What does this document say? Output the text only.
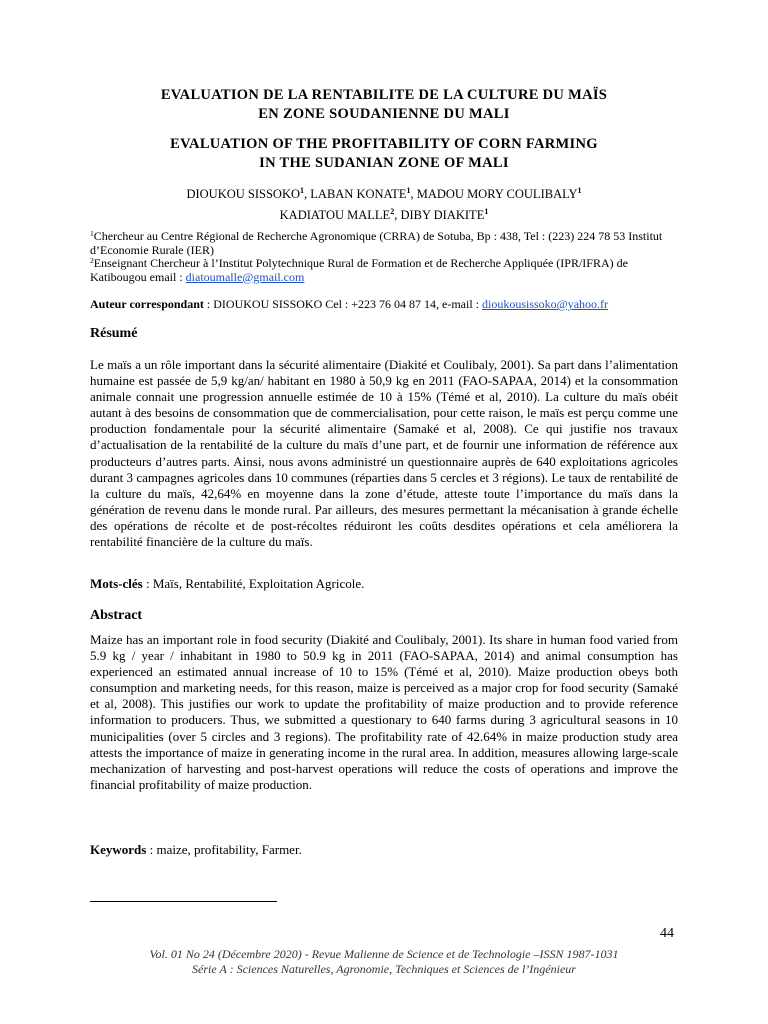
EVALUATION DE LA RENTABILITE DE LA CULTURE DU MAÏS
EN ZONE SOUDANIENNE DU MALI
EVALUATION OF THE PROFITABILITY OF CORN FARMING
IN THE SUDANIAN ZONE OF MALI
DIOUKOU SISSOKO$^1$, LABAN KONATE$^1$, MADOU MORY COULIBALY$^1$
KADIATOU MALLE$^2$, DIBY DIAKITE$^1$
$^1$Chercheur au Centre Régional de Recherche Agronomique (CRRA) de Sotuba, Bp : 438, Tel : (223) 224 78 53 Institut d’Economie Rurale (IER)
$^2$Enseignant Chercheur à l’Institut Polytechnique Rural de Formation et de Recherche Appliquée (IPR/IFRA) de Katibougou email : diatoumalle@gmail.com
Auteur correspondant : DIOUKOU SISSOKO Cel : +223 76 04 87 14, e-mail : dioukousissoko@yahoo.fr
Résumé
Le maïs a un rôle important dans la sécurité alimentaire (Diakité et Coulibaly, 2001). Sa part dans l’alimentation humaine est passée de 5,9 kg/an/ habitant en 1980 à 50,9 kg en 2011 (FAO-SAPAA, 2014) et la consommation animale connait une progression annuelle estimée de 10 à 15% (Témé et al, 2010). La culture du maïs obéit autant à des besoins de consommation que de commercialisation, pour cette raison, le maïs est perçu comme une production fondamentale pour la sécurité alimentaire (Samaké et al, 2008). Ce qui justifie nos travaux d’actualisation de la rentabilité de la culture du maïs d’une part, et de fournir une information de référence aux producteurs d’autres parts. Ainsi, nous avons administré un questionnaire auprès de 640 exploitations agricoles durant 3 campagnes agricoles dans 10 communes (réparties dans 5 cercles et 3 régions). Le taux de rentabilité de la culture du maïs, 42,64% en moyenne dans la zone d’étude, atteste toute l’importance du maïs dans la génération de revenu dans le monde rural. Par ailleurs, des mesures permettant la mécanisation à grande échelle des opérations de récolte et de post-récoltes réduiront les coûts desdites opérations et cela améliorera la rentabilité financière de la culture du maïs.
Mots-clés : Maïs, Rentabilité, Exploitation Agricole.
Abstract
Maize has an important role in food security (Diakité and Coulibaly, 2001). Its share in human food varied from 5.9 kg / year / inhabitant in 1980 to 50.9 kg in 2011 (FAO-SAPAA, 2014) and animal consumption has experienced an estimated annual increase of 10 to 15% (Témé et al, 2010). Maize production obeys both consumption and marketing needs, for this reason, maize is perceived as a major crop for food security (Samaké et al, 2008). This justifies our work to update the profitability of maize production and to provide reference information to producers. Thus, we submitted a questionary to 640 farms during 3 agricultural seasons in 10 municipalities (over 5 circles and 3 regions). The profitability rate of 42.64% in maize production study area attests the importance of maize in generating income in the rural area. In addition, measures allowing large-scale mechanization of harvesting and post-harvest operations will reduce the costs of operations and improve the financial profitability of maize production.
Keywords : maize, profitability, Farmer.
44
Vol. 01 No 24 (Décembre 2020) - Revue Malienne de Science et de Technologie –ISSN 1987-1031
Série A : Sciences Naturelles, Agronomie, Techniques et Sciences de l’Ingénieur
